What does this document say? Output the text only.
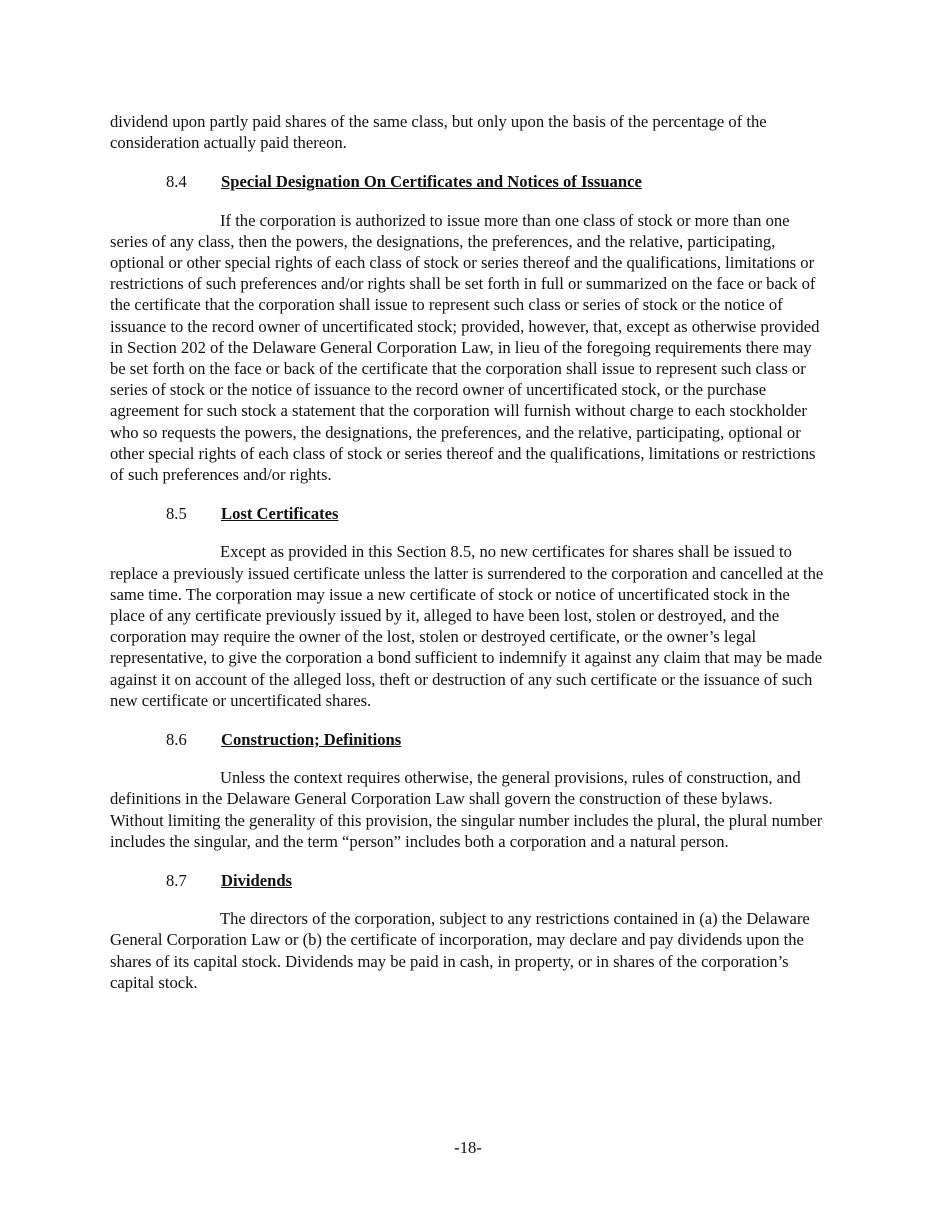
dividend upon partly paid shares of the same class, but only upon the basis of the percentage of the consideration actually paid thereon.

8.4 Special Designation On Certificates and Notices of Issuance

If the corporation is authorized to issue more than one class of stock or more than one series of any class, then the powers, the designations, the preferences, and the relative, participating, optional or other special rights of each class of stock or series thereof and the qualifications, limitations or restrictions of such preferences and/or rights shall be set forth in full or summarized on the face or back of the certificate that the corporation shall issue to represent such class or series of stock or the notice of issuance to the record owner of uncertificated stock; provided, however, that, except as otherwise provided in Section 202 of the Delaware General Corporation Law, in lieu of the foregoing requirements there may be set forth on the face or back of the certificate that the corporation shall issue to represent such class or series of stock or the notice of issuance to the record owner of uncertificated stock, or the purchase agreement for such stock a statement that the corporation will furnish without charge to each stockholder who so requests the powers, the designations, the preferences, and the relative, participating, optional or other special rights of each class of stock or series thereof and the qualifications, limitations or restrictions of such preferences and/or rights.

8.5 Lost Certificates

Except as provided in this Section 8.5, no new certificates for shares shall be issued to replace a previously issued certificate unless the latter is surrendered to the corporation and cancelled at the same time. The corporation may issue a new certificate of stock or notice of uncertificated stock in the place of any certificate previously issued by it, alleged to have been lost, stolen or destroyed, and the corporation may require the owner of the lost, stolen or destroyed certificate, or the owner’s legal representative, to give the corporation a bond sufficient to indemnify it against any claim that may be made against it on account of the alleged loss, theft or destruction of any such certificate or the issuance of such new certificate or uncertificated shares.

8.6 Construction; Definitions

Unless the context requires otherwise, the general provisions, rules of construction, and definitions in the Delaware General Corporation Law shall govern the construction of these bylaws. Without limiting the generality of this provision, the singular number includes the plural, the plural number includes the singular, and the term “person” includes both a corporation and a natural person.

8.7 Dividends

The directors of the corporation, subject to any restrictions contained in (a) the Delaware General Corporation Law or (b) the certificate of incorporation, may declare and pay dividends upon the shares of its capital stock. Dividends may be paid in cash, in property, or in shares of the corporation’s capital stock.

-18-
